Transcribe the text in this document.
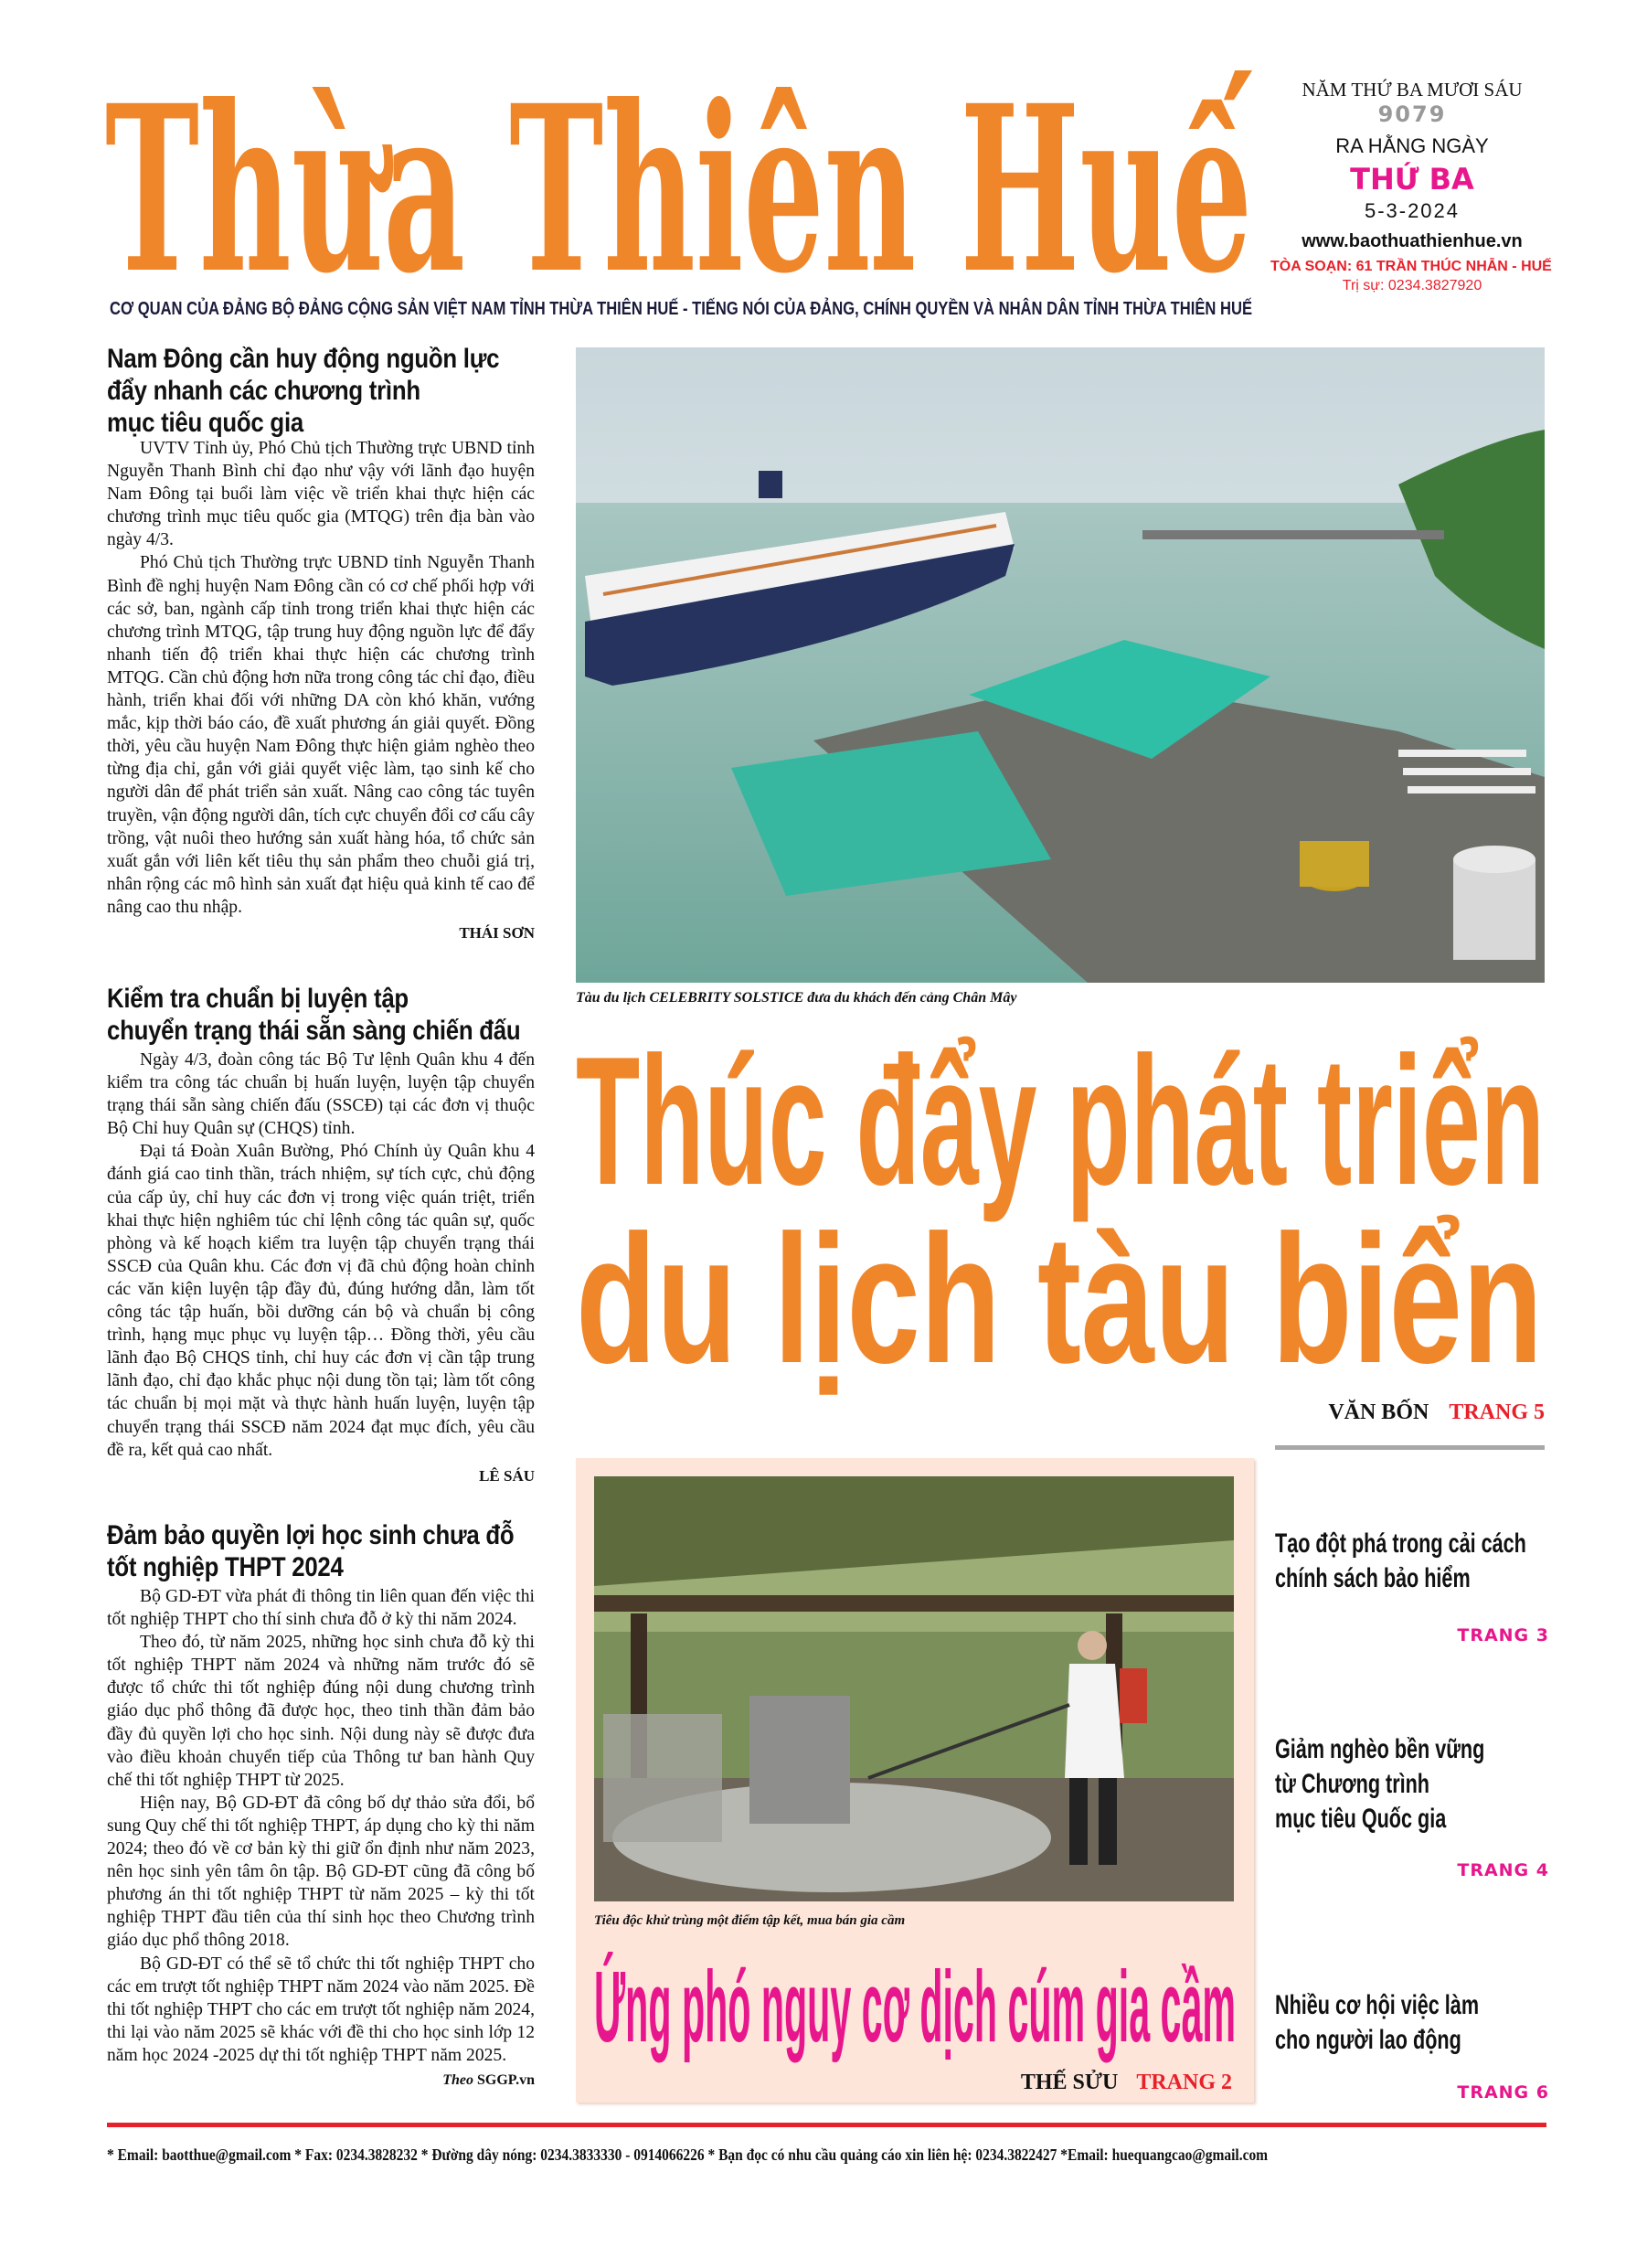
Thừa Thiên Huế
CƠ QUAN CỦA ĐẢNG BỘ ĐẢNG CỘNG SẢN VIỆT NAM TỈNH THỪA THIÊN HUẾ - TIẾNG NÓI CỦA ĐẢNG, CHÍNH QUYỀN VÀ NHÂN DÂN TỈNH THỪA THIÊN HUẾ
NĂM THỨ BA MƯƠI SÁU
9079
RA HẰNG NGÀY
THỨ BA
5-3-2024
www.baothuathienhue.vn
TÒA SOẠN: 61 TRẦN THÚC NHẪN - HUẾ
Trị sự: 0234.3827920
Nam Đông cần huy động nguồn lực
đẩy nhanh các chương trình
mục tiêu quốc gia

UVTV Tỉnh ủy, Phó Chủ tịch Thường trực UBND tỉnh Nguyễn Thanh Bình chỉ đạo như vậy với lãnh đạo huyện Nam Đông tại buổi làm việc về triển khai thực hiện các chương trình mục tiêu quốc gia (MTQG) trên địa bàn vào ngày 4/3.

Phó Chủ tịch Thường trực UBND tỉnh Nguyễn Thanh Bình đề nghị huyện Nam Đông cần có cơ chế phối hợp với các sở, ban, ngành cấp tỉnh trong triển khai thực hiện các chương trình MTQG, tập trung huy động nguồn lực để đẩy nhanh tiến độ triển khai thực hiện các chương trình MTQG. Cần chủ động hơn nữa trong công tác chỉ đạo, điều hành, triển khai đối với những DA còn khó khăn, vướng mắc, kịp thời báo cáo, đề xuất phương án giải quyết. Đồng thời, yêu cầu huyện Nam Đông thực hiện giảm nghèo theo từng địa chỉ, gắn với giải quyết việc làm, tạo sinh kế cho người dân để phát triển sản xuất. Nâng cao công tác tuyên truyền, vận động người dân, tích cực chuyển đổi cơ cấu cây trồng, vật nuôi theo hướng sản xuất hàng hóa, tổ chức sản xuất gắn với liên kết tiêu thụ sản phẩm theo chuỗi giá trị, nhân rộng các mô hình sản xuất đạt hiệu quả kinh tế cao để nâng cao thu nhập.

THÁI SƠN
Kiểm tra chuẩn bị luyện tập
chuyển trạng thái sẵn sàng chiến đấu

Ngày 4/3, đoàn công tác Bộ Tư lệnh Quân khu 4 đến kiểm tra công tác chuẩn bị huấn luyện, luyện tập chuyển trạng thái sẵn sàng chiến đấu (SSCĐ) tại các đơn vị thuộc Bộ Chỉ huy Quân sự (CHQS) tỉnh.

Đại tá Đoàn Xuân Bường, Phó Chính ủy Quân khu 4 đánh giá cao tinh thần, trách nhiệm, sự tích cực, chủ động của cấp ủy, chỉ huy các đơn vị trong việc quán triệt, triển khai thực hiện nghiêm túc chỉ lệnh công tác quân sự, quốc phòng và kế hoạch kiểm tra luyện tập chuyển trạng thái SSCĐ của Quân khu. Các đơn vị đã chủ động hoàn chỉnh các văn kiện luyện tập đầy đủ, đúng hướng dẫn, làm tốt công tác tập huấn, bồi dưỡng cán bộ và chuẩn bị công trình, hạng mục phục vụ luyện tập… Đồng thời, yêu cầu lãnh đạo Bộ CHQS tỉnh, chỉ huy các đơn vị cần tập trung lãnh đạo, chỉ đạo khắc phục nội dung tồn tại; làm tốt công tác chuẩn bị mọi mặt và thực hành huấn luyện, luyện tập chuyển trạng thái SSCĐ năm 2024 đạt mục đích, yêu cầu đề ra, kết quả cao nhất.

LÊ SÁU
Đảm bảo quyền lợi học sinh chưa đỗ
tốt nghiệp THPT 2024

Bộ GD-ĐT vừa phát đi thông tin liên quan đến việc thi tốt nghiệp THPT cho thí sinh chưa đỗ ở kỳ thi năm 2024.

Theo đó, từ năm 2025, những học sinh chưa đỗ kỳ thi tốt nghiệp THPT năm 2024 và những năm trước đó sẽ được tổ chức thi tốt nghiệp đúng nội dung chương trình giáo dục phổ thông đã được học, theo tinh thần đảm bảo đầy đủ quyền lợi cho học sinh. Nội dung này sẽ được đưa vào điều khoản chuyển tiếp của Thông tư ban hành Quy chế thi tốt nghiệp THPT từ 2025.

Hiện nay, Bộ GD-ĐT đã công bố dự thảo sửa đổi, bổ sung Quy chế thi tốt nghiệp THPT, áp dụng cho kỳ thi năm 2024; theo đó về cơ bản kỳ thi giữ ổn định như năm 2023, nên học sinh yên tâm ôn tập. Bộ GD-ĐT cũng đã công bố phương án thi tốt nghiệp THPT từ năm 2025 – kỳ thi tốt nghiệp THPT đầu tiên của thí sinh học theo Chương trình giáo dục phổ thông 2018.

Bộ GD-ĐT có thể sẽ tổ chức thi tốt nghiệp THPT cho các em trượt tốt nghiệp THPT năm 2024 vào năm 2025. Đề thi tốt nghiệp THPT cho các em trượt tốt nghiệp năm 2024, thi lại vào năm 2025 sẽ khác với đề thi cho học sinh lớp 12 năm học 2024 -2025 dự thi tốt nghiệp THPT năm 2025.

Theo SGGP.vn
Tàu du lịch CELEBRITY SOLSTICE đưa du khách đến cảng Chân Mây
Thúc đẩy phát triển
du lịch tàu biển
VĂN BỐN TRANG 5
Tiêu độc khử trùng một điểm tập kết, mua bán gia cầm
Ứng phó nguy cơ dịch cúm gia cầm
THẾ SỬU TRANG 2
Tạo đột phá trong cải cách
chính sách bảo hiểm
TRANG 3
Giảm nghèo bền vững
từ Chương trình
mục tiêu Quốc gia
TRANG 4
Nhiều cơ hội việc làm
cho người lao động
TRANG 6
* Email: baotthue@gmail.com * Fax: 0234.3828232 * Đường dây nóng: 0234.3833330 - 0914066226 * Bạn đọc có nhu cầu quảng cáo xin liên hệ: 0234.3822427 *Email: huequangcao@gmail.com
